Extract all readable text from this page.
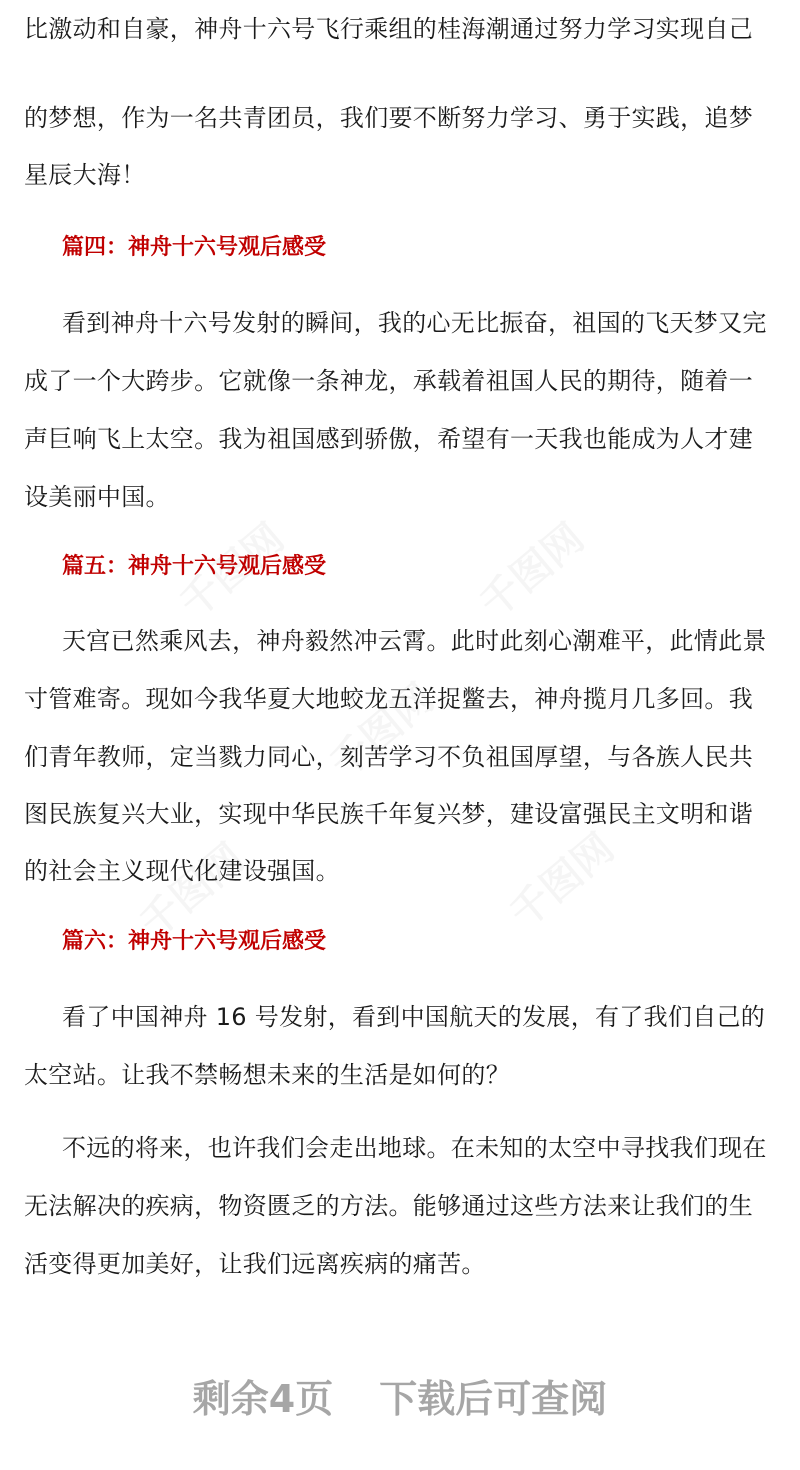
比激动和自豪，神舟十六号飞行乘组的桂海潮通过努力学习实现自己
的梦想，作为一名共青团员，我们要不断努力学习、勇于实践，追梦
星辰大海！
篇四：神舟十六号观后感受
看到神舟十六号发射的瞬间，我的心无比振奋，祖国的飞天梦又完
成了一个大跨步。它就像一条神龙，承载着祖国人民的期待，随着一
声巨响飞上太空。我为祖国感到骄傲，希望有一天我也能成为人才建
设美丽中国。
篇五：神舟十六号观后感受
天宫已然乘风去，神舟毅然冲云霄。此时此刻心潮难平，此情此景
寸管难寄。现如今我华夏大地蛟龙五洋捉鳖去，神舟揽月几多回。我
们青年教师，定当戮力同心，刻苦学习不负祖国厚望，与各族人民共
图民族复兴大业，实现中华民族千年复兴梦，建设富强民主文明和谐
的社会主义现代化建设强国。
篇六：神舟十六号观后感受
看了中国神舟 16 号发射，看到中国航天的发展，有了我们自己的
太空站。让我不禁畅想未来的生活是如何的？
不远的将来，也许我们会走出地球。在未知的太空中寻找我们现在
无法解决的疾病，物资匮乏的方法。能够通过这些方法来让我们的生
活变得更加美好，让我们远离疾病的痛苦。
剩余4页 下载后可查阅
